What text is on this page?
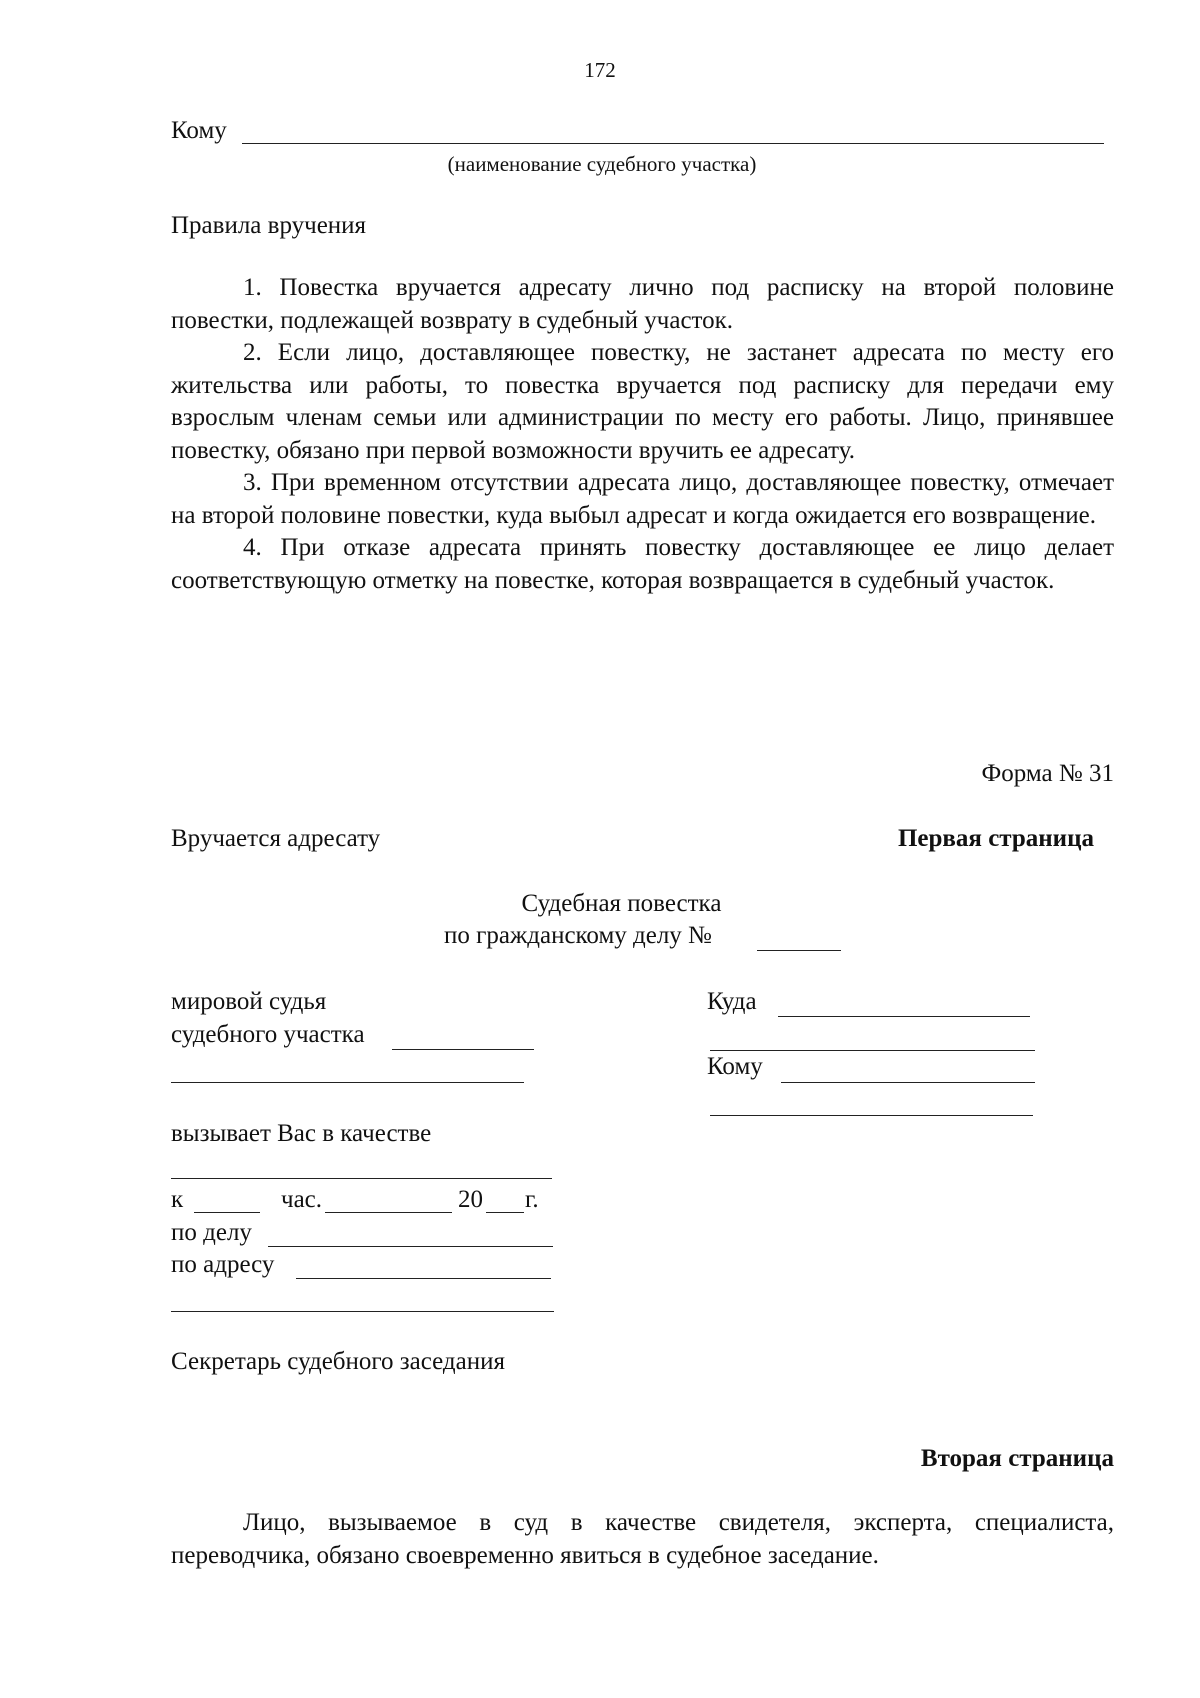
172
Кому
(наименование судебного участка)
Правила вручения

1. Повестка вручается адресату лично под расписку на второй половине повестки, подлежащей возврату в судебный участок.

2. Если лицо, доставляющее повестку, не застанет адресата по месту его жительства или работы, то повестка вручается под расписку для передачи ему взрослым членам семьи или администрации по месту его работы. Лицо, принявшее повестку, обязано при первой возможности вручить ее адресату.

3. При временном отсутствии адресата лицо, доставляющее повестку, отмечает на второй половине повестки, куда выбыл адресат и когда ожидается его возвращение.

4. При отказе адресата принять повестку доставляющее ее лицо делает соответствующую отметку на повестке, которая возвращается в судебный участок.

Форма № 31
Вручается адресату	Первая страница
Судебная повестка
по гражданскому делу №
мировой судья
судебного участка
Куда
Кому
вызывает Вас в качестве
к	час.	20 г.
по делу
по адресу
Секретарь судебного заседания
Вторая страница

Лицо, вызываемое в суд в качестве свидетеля, эксперта, специалиста, переводчика, обязано своевременно явиться в судебное заседание.
